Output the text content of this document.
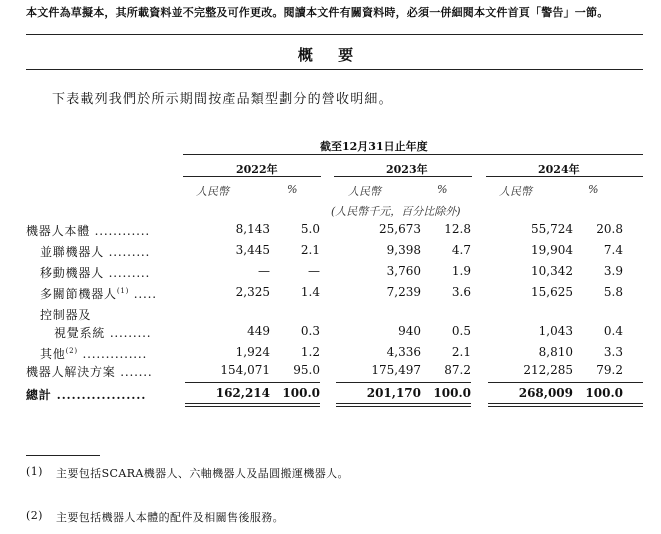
本文件為草擬本，其所載資料並不完整及可作更改。閱讀本文件有關資料時，必須一併細閱本文件首頁「警告」一節。
概 要
下表載列我們於所示期間按產品類型劃分的營收明細。
截至12月31日止年度
2022年	2023年	2024年
人民幣	%	人民幣	%	人民幣	%
(人民幣千元，百分比除外)
機器人本體 ............	8,143	5.0	25,673 12.8	55,724 20.8
並聯機器人 .........	3,445	2.1	9,398	4.7	19,904	7.4
移動機器人 .........	—	—	3,760	1.9	10,342	3.9
多關節機器人$^{(1)}$ .....	2,325	1.4	7,239	3.6	15,625	5.8
控制器及
視覺系統 .........	449	0.3	940	0.5	1,043	0.4
其他$^{(2)}$ ..............	1,924	1.2	4,336	2.1	8,810	3.3
機器人解決方案 .......	154,071 95.0	175,497 87.2	212,285 79.2
總計 ..................	162,214 100.0	201,170 100.0	268,009 100.0
(1) 主要包括SCARA機器人、六軸機器人及晶圓搬運機器人。
(2) 主要包括機器人本體的配件及相關售後服務。
